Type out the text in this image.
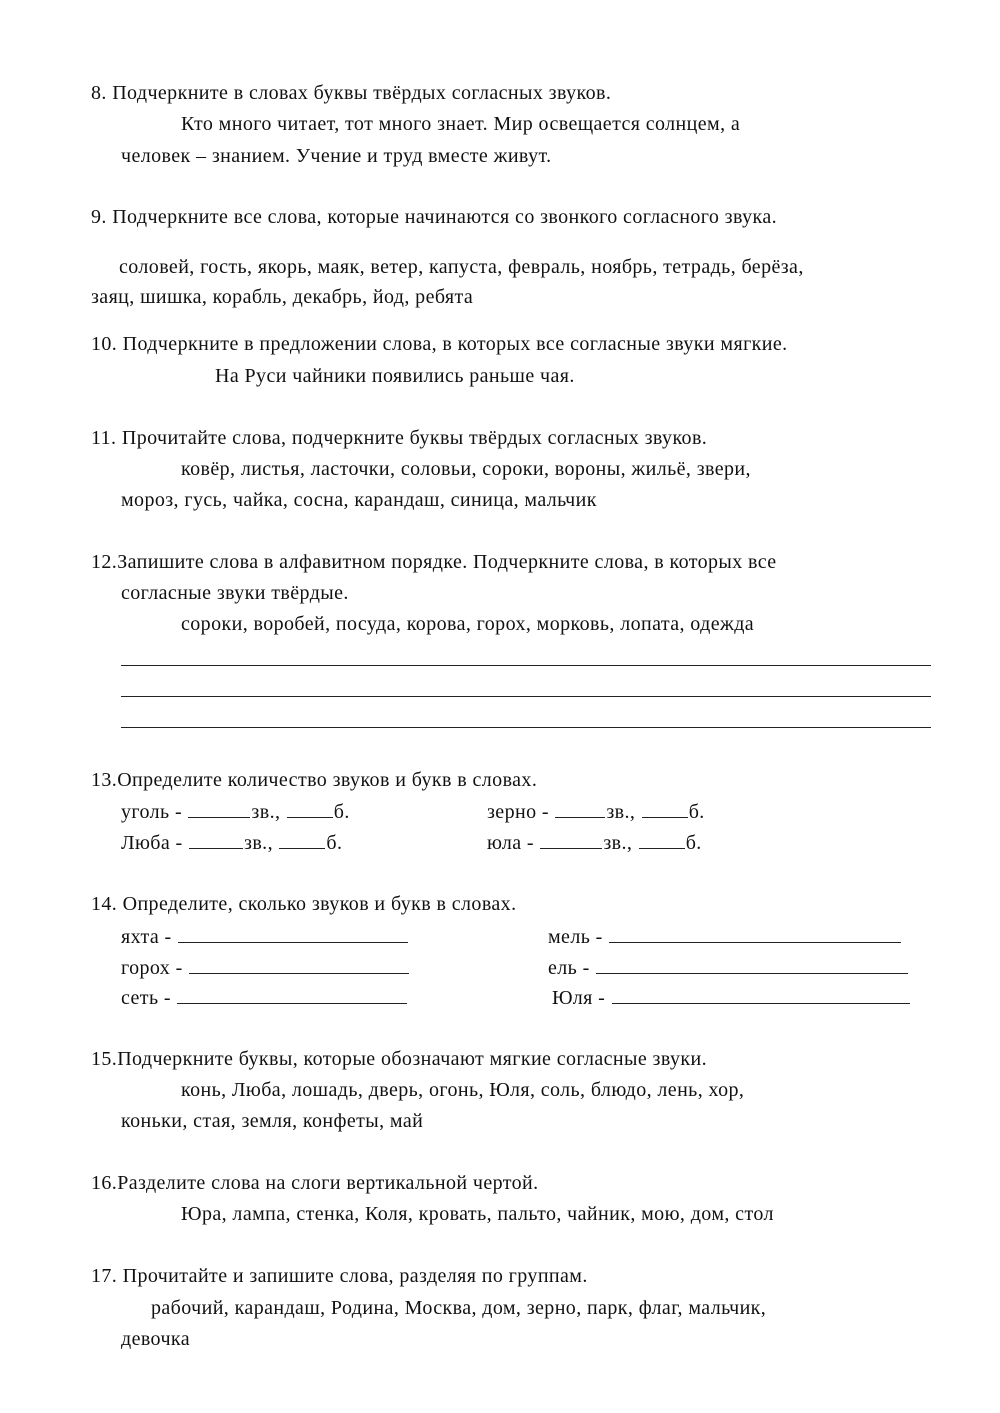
8. Подчеркните в словах буквы твёрдых согласных звуков.
Кто много читает, тот много знает. Мир освещается солнцем, а
человек – знанием. Учение и труд вместе живут.
9. Подчеркните все слова, которые начинаются со звонкого согласного звука.
соловей, гость, якорь, маяк, ветер, капуста, февраль, ноябрь, тетрадь, берёза,
заяц, шишка, корабль, декабрь, йод, ребята
10. Подчеркните в предложении слова, в которых все согласные звуки мягкие.
На Руси чайники появились раньше чая.
11. Прочитайте слова, подчеркните буквы твёрдых согласных звуков.
ковёр, листья, ласточки, соловьи, сороки, вороны, жильё, звери,
мороз, гусь, чайка, сосна, карандаш, синица, мальчик
12.Запишите слова в алфавитном порядке. Подчеркните слова, в которых все
согласные звуки твёрдые.
сороки, воробей, посуда, корова, горох, морковь, лопата, одежда
13.Определите количество звуков и букв в словах.
уголь -	зв.,	б.	зерно -	зв.,	б.
Люба -	зв.,	б.	юла -	зв.,	б.
14. Определите, сколько звуков и букв в словах.
яхта -	мель -
горох -	ель -
сеть -	Юля -
15.Подчеркните буквы, которые обозначают мягкие согласные звуки.
конь, Люба, лошадь, дверь, огонь, Юля, соль, блюдо, лень, хор,
коньки, стая, земля, конфеты, май
16.Разделите слова на слоги вертикальной чертой.
Юра, лампа, стенка, Коля, кровать, пальто, чайник, мою, дом, стол
17. Прочитайте и запишите слова, разделяя по группам.
рабочий, карандаш, Родина, Москва, дом, зерно, парк, флаг, мальчик,
девочка
